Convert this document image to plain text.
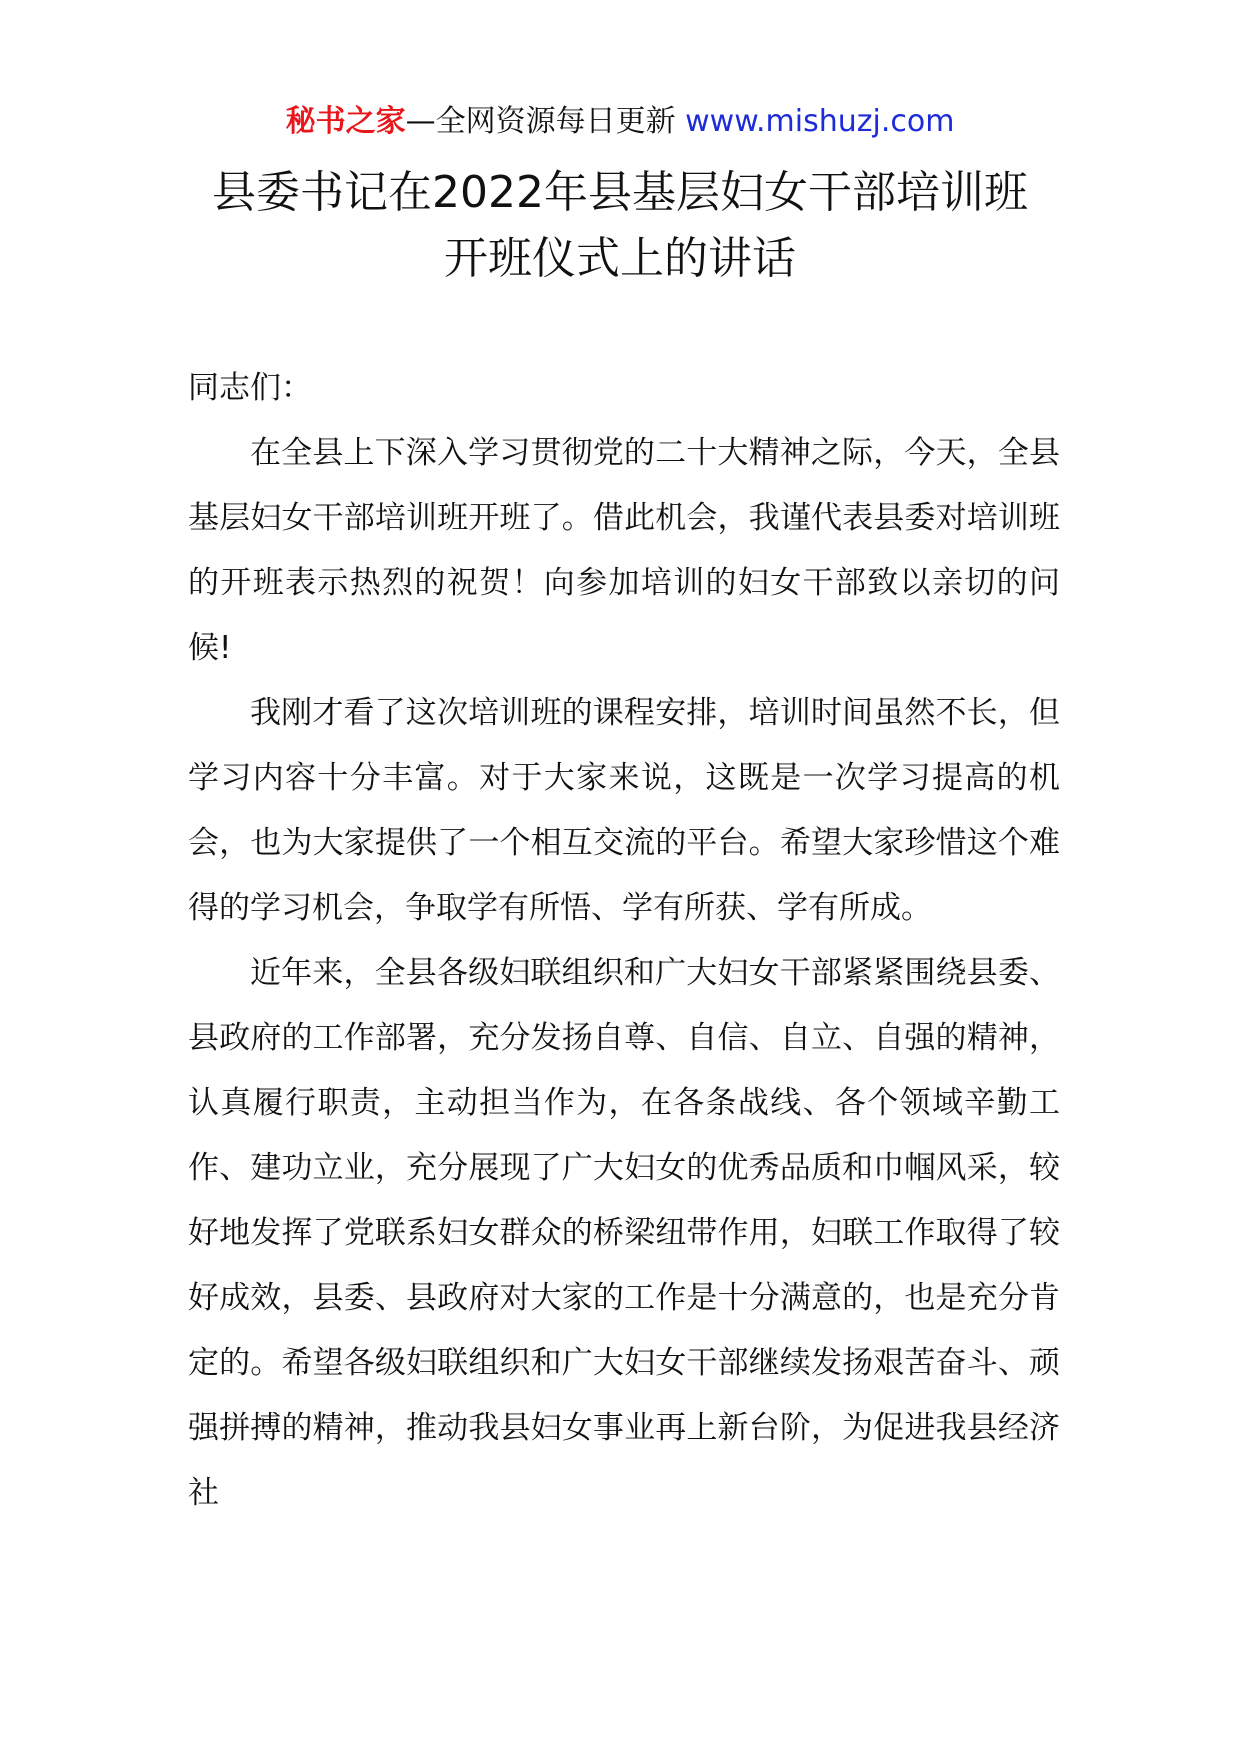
秘书之家—全网资源每日更新 www.mishuzj.com
县委书记在2022年县基层妇女干部培训班
开班仪式上的讲话

同志们：

在全县上下深入学习贯彻党的二十大精神之际，今天，全县基层妇女干部培训班开班了。借此机会，我谨代表县委对培训班的开班表示热烈的祝贺！向参加培训的妇女干部致以亲切的问候!

我刚才看了这次培训班的课程安排，培训时间虽然不长，但学习内容十分丰富。对于大家来说，这既是一次学习提高的机会，也为大家提供了一个相互交流的平台。希望大家珍惜这个难得的学习机会，争取学有所悟、学有所获、学有所成。

近年来，全县各级妇联组织和广大妇女干部紧紧围绕县委、县政府的工作部署，充分发扬自尊、自信、自立、自强的精神，认真履行职责，主动担当作为，在各条战线、各个领域辛勤工作、建功立业，充分展现了广大妇女的优秀品质和巾帼风采，较好地发挥了党联系妇女群众的桥梁纽带作用，妇联工作取得了较好成效，县委、县政府对大家的工作是十分满意的，也是充分肯定的。希望各级妇联组织和广大妇女干部继续发扬艰苦奋斗、顽强拼搏的精神，推动我县妇女事业再上新台阶，为促进我县经济社
